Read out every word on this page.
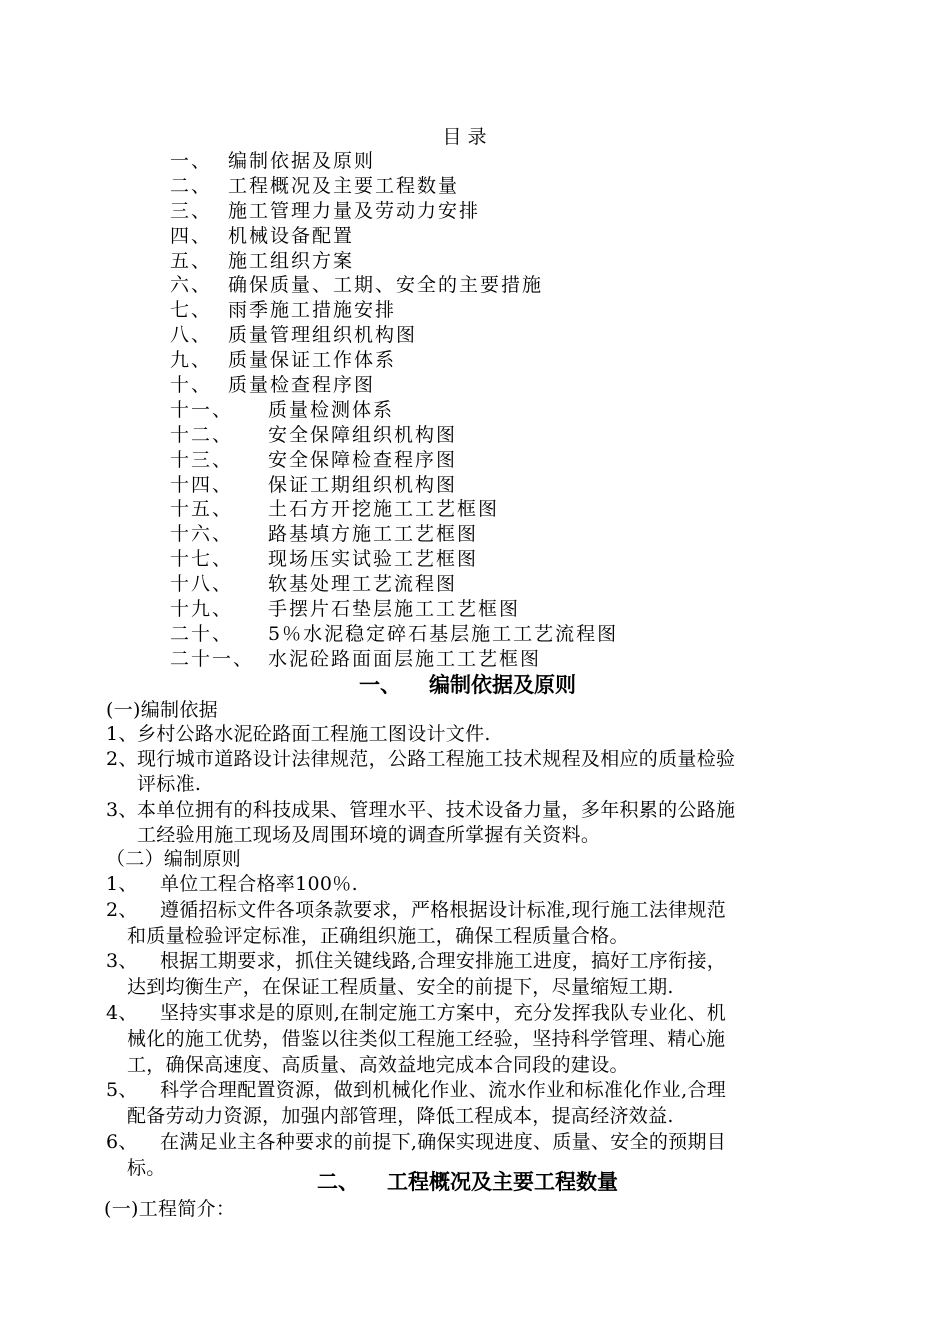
目录
一、 编制依据及原则
二、 工程概况及主要工程数量
三、 施工管理力量及劳动力安排
四、 机械设备配置
五、 施工组织方案
六、 确保质量、工期、安全的主要措施
七、 雨季施工措施安排
八、 质量管理组织机构图
九、 质量保证工作体系
十、 质量检查程序图
十一、 质量检测体系
十二、 安全保障组织机构图
十三、 安全保障检查程序图
十四、 保证工期组织机构图
十五、 土石方开挖施工工艺框图
十六、 路基填方施工工艺框图
十七、 现场压实试验工艺框图
十八、 软基处理工艺流程图
十九、 手摆片石垫层施工工艺框图
二十、 5％水泥稳定碎石基层施工工艺流程图
二十一、 水泥砼路面面层施工工艺框图
一、 编制依据及原则
(一)编制依据
1、 乡村公路水泥砼路面工程施工图设计文件.
2、 现行城市道路设计法律规范，公路工程施工技术规程及相应的质量检验
评标准.
3、 本单位拥有的科技成果、管理水平、技术设备力量，多年积累的公路施
工经验用施工现场及周围环境的调查所掌握有关资料。
（二）编制原则
1、 单位工程合格率100％.
2、 遵循招标文件各项条款要求，严格根据设计标准,现行施工法律规范
和质量检验评定标准，正确组织施工，确保工程质量合格。
3、 根据工期要求，抓住关键线路,合理安排施工进度，搞好工序衔接，
达到均衡生产，在保证工程质量、安全的前提下，尽量缩短工期.
4、 坚持实事求是的原则,在制定施工方案中，充分发挥我队专业化、机
械化的施工优势，借鉴以往类似工程施工经验，坚持科学管理、精心施
工，确保高速度、高质量、高效益地完成本合同段的建设。
5、 科学合理配置资源，做到机械化作业、流水作业和标准化作业,合理
配备劳动力资源，加强内部管理，降低工程成本，提高经济效益.
6、 在满足业主各种要求的前提下,确保实现进度、质量、安全的预期目
标。
二、 工程概况及主要工程数量
(一)工程简介：
